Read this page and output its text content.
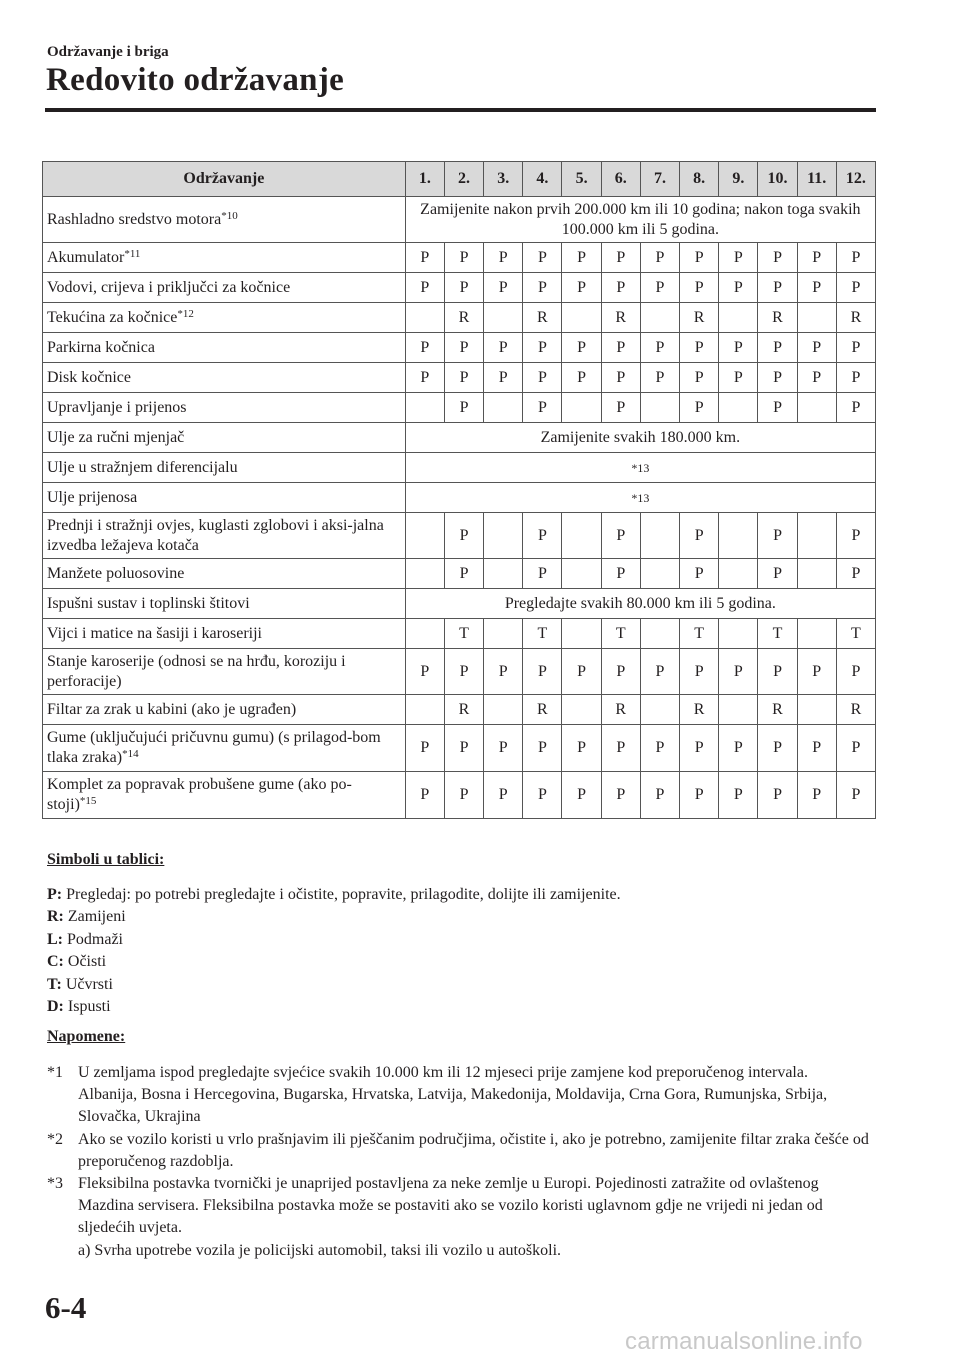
Održavanje i briga
Redovito održavanje
Održavanje	1.	2.	3.	4.	5.	6.	7.	8.	9.	10.	11.	12.
Rashladno sredstvo motora$^{*10}$	Zamijenite nakon prvih 200.000 km ili 10 godina; nakon toga svakih 100.000 km ili 5 godina.											
Akumulator$^{*11}$	P	P	P	P	P	P	P	P	P	P	P	P
Vodovi, crijeva i priključci za kočnice	P	P	P	P	P	P	P	P	P	P	P	P
Tekućina za kočnice$^{*12}$		R		R		R		R		R		R
Parkirna kočnica	P	P	P	P	P	P	P	P	P	P	P	P
Disk kočnice	P	P	P	P	P	P	P	P	P	P	P	P
Upravljanje i prijenos		P		P		P		P		P		P
Ulje za ručni mjenjač	Zamijenite svakih 180.000 km.											
Ulje u stražnjem diferencijalu	*13											
Ulje prijenosa	*13											
Prednji i stražnji ovjes, kuglasti zglobovi i aksi-jalna izvedba ležajeva kotača		P		P		P		P		P		P
Manžete poluosovine		P		P		P		P		P		P
Ispušni sustav i toplinski štitovi	Pregledajte svakih 80.000 km ili 5 godina.											
Vijci i matice na šasiji i karoseriji		T		T		T		T		T		T
Stanje karoserije (odnosi se na hrđu, koroziju i perforacije)	P	P	P	P	P	P	P	P	P	P	P	P
Filtar za zrak u kabini (ako je ugrađen)		R		R		R		R		R		R
Gume (uključujući pričuvnu gumu) (s prilagod-bom tlaka zraka)$^{*14}$	P	P	P	P	P	P	P	P	P	P	P	P
Komplet za popravak probušene gume (ako po-stoji)$^{*15}$	P	P	P	P	P	P	P	P	P	P	P	P
Simboli u tablici:
P: Pregledaj: po potrebi pregledajte i očistite, popravite, prilagodite, dolijte ili zamijenite.
R: Zamijeni
L: Podmaži
C: Očisti
T: Učvrsti
D: Ispusti
Napomene:
*1 U zemljama ispod pregledajte svjećice svakih 10.000 km ili 12 mjeseci prije zamjene kod preporučenog intervala.
Albanija, Bosna i Hercegovina, Bugarska, Hrvatska, Latvija, Makedonija, Moldavija, Crna Gora, Rumunjska, Srbija, Slovačka, Ukrajina
*2 Ako se vozilo koristi u vrlo prašnjavim ili pješčanim područjima, očistite i, ako je potrebno, zamijenite filtar zraka češće od preporučenog razdoblja.
*3 Fleksibilna postavka tvornički je unaprijed postavljena za neke zemlje u Europi. Pojedinosti zatražite od ovlaštenog Mazdina servisera. Fleksibilna postavka može se postaviti ako se vozilo koristi uglavnom gdje ne vrijedi ni jedan od sljedećih uvjeta.
a) Svrha upotrebe vozila je policijski automobil, taksi ili vozilo u autoškoli.
6-4
carmanualsonline.info
